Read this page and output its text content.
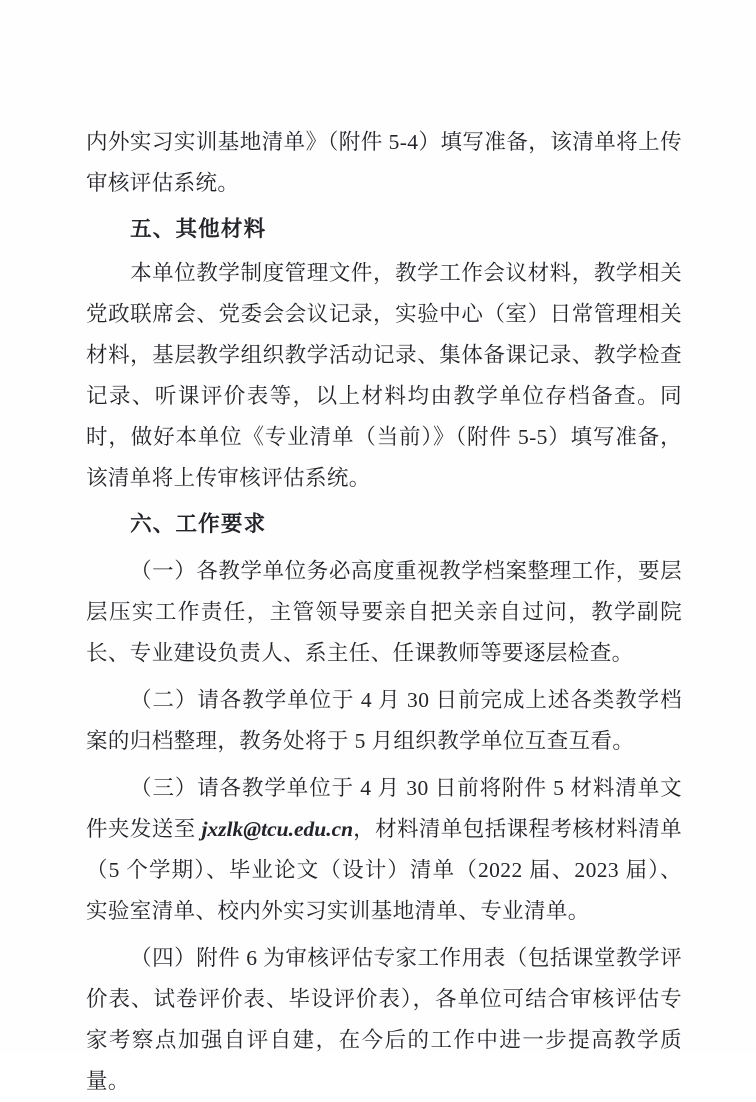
内外实习实训基地清单》（附件 5-4）填写准备，该清单将上传审核评估系统。

五、其他材料

本单位教学制度管理文件，教学工作会议材料，教学相关党政联席会、党委会会议记录，实验中心（室）日常管理相关材料，基层教学组织教学活动记录、集体备课记录、教学检查记录、听课评价表等，以上材料均由教学单位存档备查。同时，做好本单位《专业清单（当前）》（附件 5-5）填写准备，该清单将上传审核评估系统。

六、工作要求

（一）各教学单位务必高度重视教学档案整理工作，要层层压实工作责任，主管领导要亲自把关亲自过问，教学副院长、专业建设负责人、系主任、任课教师等要逐层检查。

（二）请各教学单位于 4 月 30 日前完成上述各类教学档案的归档整理，教务处将于 5 月组织教学单位互查互看。

（三）请各教学单位于 4 月 30 日前将附件 5 材料清单文件夹发送至 jxzlk@tcu.edu.cn，材料清单包括课程考核材料清单（5 个学期）、毕业论文（设计）清单（2022 届、2023 届）、实验室清单、校内外实习实训基地清单、专业清单。

（四）附件 6 为审核评估专家工作用表（包括课堂教学评价表、试卷评价表、毕设评价表），各单位可结合审核评估专家考察点加强自评自建，在今后的工作中进一步提高教学质量。
